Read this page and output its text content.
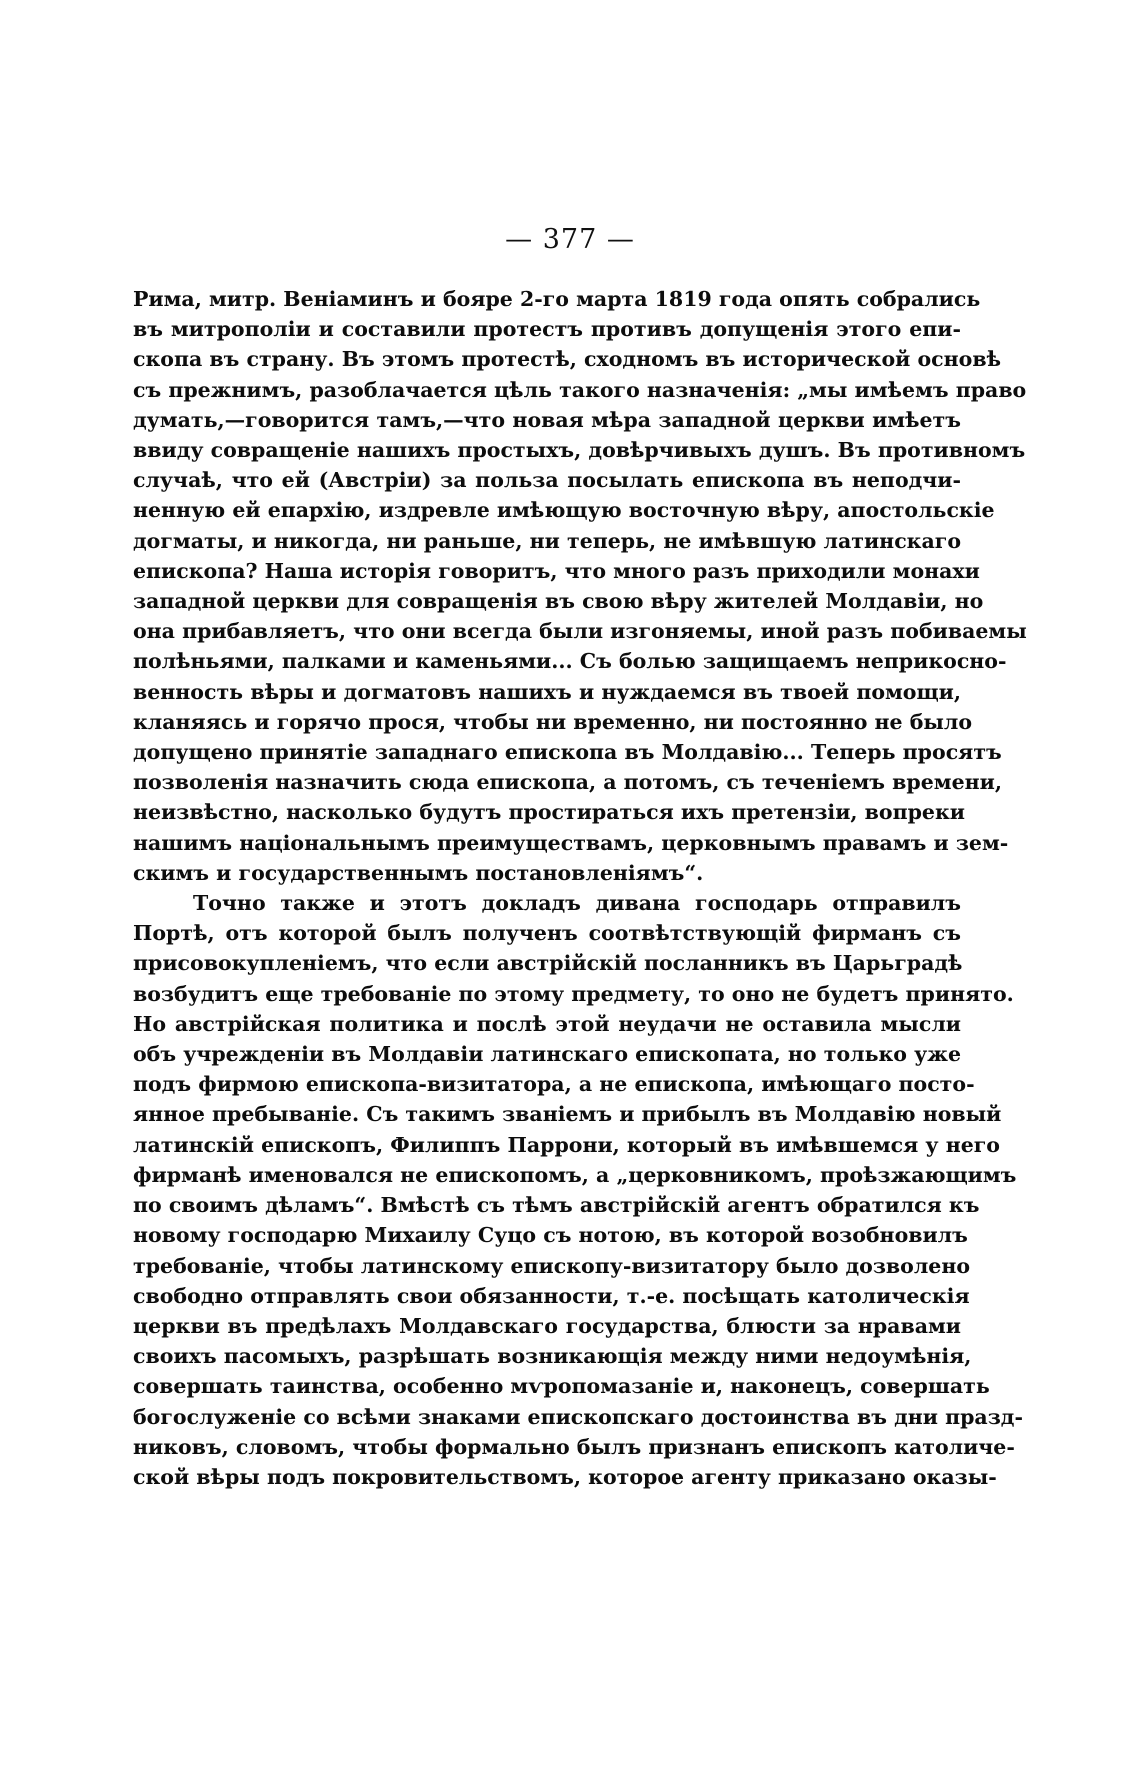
— 377 —

Рима, митр. Веніаминъ и бояре 2-го марта 1819 года опять собрались
въ митрополіи и составили протестъ противъ допущенія этого епи-
скопа въ страну. Въ этомъ протестѣ, сходномъ въ исторической основѣ
съ прежнимъ, разоблачается цѣль такого назначенія: „мы имѣемъ право
думать,—говорится тамъ,—что новая мѣра западной церкви имѣетъ
ввиду совращеніе нашихъ простыхъ, довѣрчивыхъ душъ. Въ противномъ
случаѣ, что ей (Австріи) за польза посылать епископа въ неподчи-
ненную ей епархію, издревле имѣющую восточную вѣру, апостольскіе
догматы, и никогда, ни раньше, ни теперь, не имѣвшую латинскаго
епископа? Наша исторія говоритъ, что много разъ приходили монахи
западной церкви для совращенія въ свою вѣру жителей Молдавіи, но
она прибавляетъ, что они всегда были изгоняемы, иной разъ побиваемы
полѣньями, палками и каменьями... Съ болью защищаемъ неприкосно-
венность вѣры и догматовъ нашихъ и нуждаемся въ твоей помощи,
кланяясь и горячо прося, чтобы ни временно, ни постоянно не было
допущено принятіе западнаго епископа въ Молдавію... Теперь просятъ
позволенія назначить сюда епископа, а потомъ, съ теченіемъ времени,
неизвѣстно, насколько будутъ простираться ихъ претензіи, вопреки
нашимъ національнымъ преимуществамъ, церковнымъ правамъ и зем-
скимъ и государственнымъ постановленіямъ“.

Точно также и этотъ докладъ дивана господарь отправилъ
Портѣ, отъ которой былъ полученъ соотвѣтствующій фирманъ съ
присовокупленіемъ, что если австрійскій посланникъ въ Царьградѣ
возбудитъ еще требованіе по этому предмету, то оно не будетъ принято.
Но австрійская политика и послѣ этой неудачи не оставила мысли
объ учрежденіи въ Молдавіи латинскаго епископата, но только уже
подъ фирмою епископа-визитатора, а не епископа, имѣющаго посто-
янное пребываніе. Съ такимъ званіемъ и прибылъ въ Молдавію новый
латинскій епископъ, Филиппъ Паррони, который въ имѣвшемся у него
фирманѣ именовался не епископомъ, а „церковникомъ, проѣзжающимъ
по своимъ дѣламъ“. Вмѣстѣ съ тѣмъ австрійскій агентъ обратился къ
новому господарю Михаилу Суцо съ нотою, въ которой возобновилъ
требованіе, чтобы латинскому епископу-визитатору было дозволено
свободно отправлять свои обязанности, т.-е. посѣщать католическія
церкви въ предѣлахъ Молдавскаго государства, блюсти за нравами
своихъ пасомыхъ, разрѣшать возникающія между ними недоумѣнія,
совершать таинства, особенно мѵропомазаніе и, наконецъ, совершать
богослуженіе со всѣми знаками епископскаго достоинства въ дни празд-
никовъ, словомъ, чтобы формально былъ признанъ епископъ католиче-
ской вѣры подъ покровительствомъ, которое агенту приказано оказы-
